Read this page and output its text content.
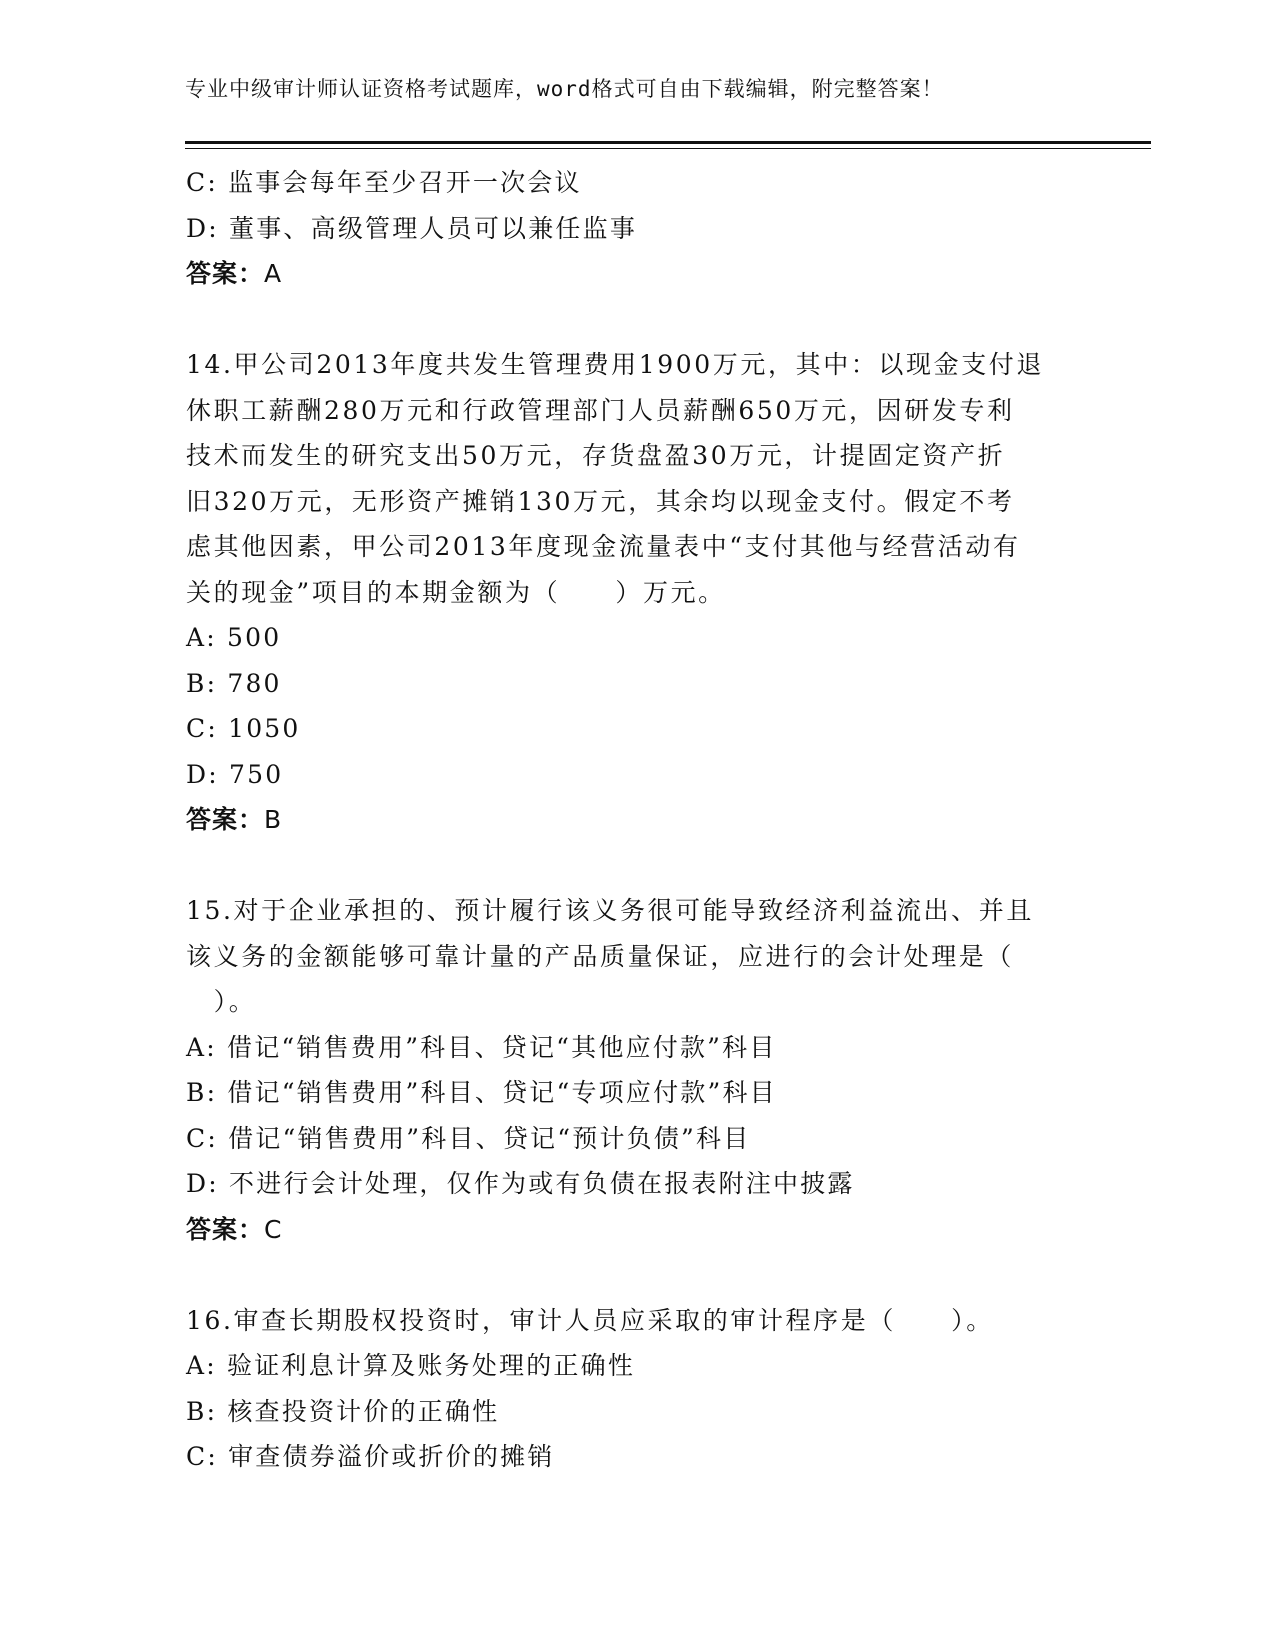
专业中级审计师认证资格考试题库，word格式可自由下载编辑，附完整答案！
C: 监事会每年至少召开一次会议
D: 董事、高级管理人员可以兼任监事
答案：A
14.甲公司2013年度共发生管理费用1900万元，其中：以现金支付退
休职工薪酬280万元和行政管理部门人员薪酬650万元，因研发专利
技术而发生的研究支出50万元，存货盘盈30万元，计提固定资产折
旧320万元，无形资产摊销130万元，其余均以现金支付。假定不考
虑其他因素，甲公司2013年度现金流量表中“支付其他与经营活动有
关的现金”项目的本期金额为（　　）万元。
A: 500
B: 780
C: 1050
D: 750
答案：B
15.对于企业承担的、预计履行该义务很可能导致经济利益流出、并且
该义务的金额能够可靠计量的产品质量保证，应进行的会计处理是（
　）。
A: 借记“销售费用”科目、贷记“其他应付款”科目
B: 借记“销售费用”科目、贷记“专项应付款”科目
C: 借记“销售费用”科目、贷记“预计负债”科目
D: 不进行会计处理，仅作为或有负债在报表附注中披露
答案：C
16.审查长期股权投资时，审计人员应采取的审计程序是（　　）。
A: 验证利息计算及账务处理的正确性
B: 核查投资计价的正确性
C: 审查债券溢价或折价的摊销
